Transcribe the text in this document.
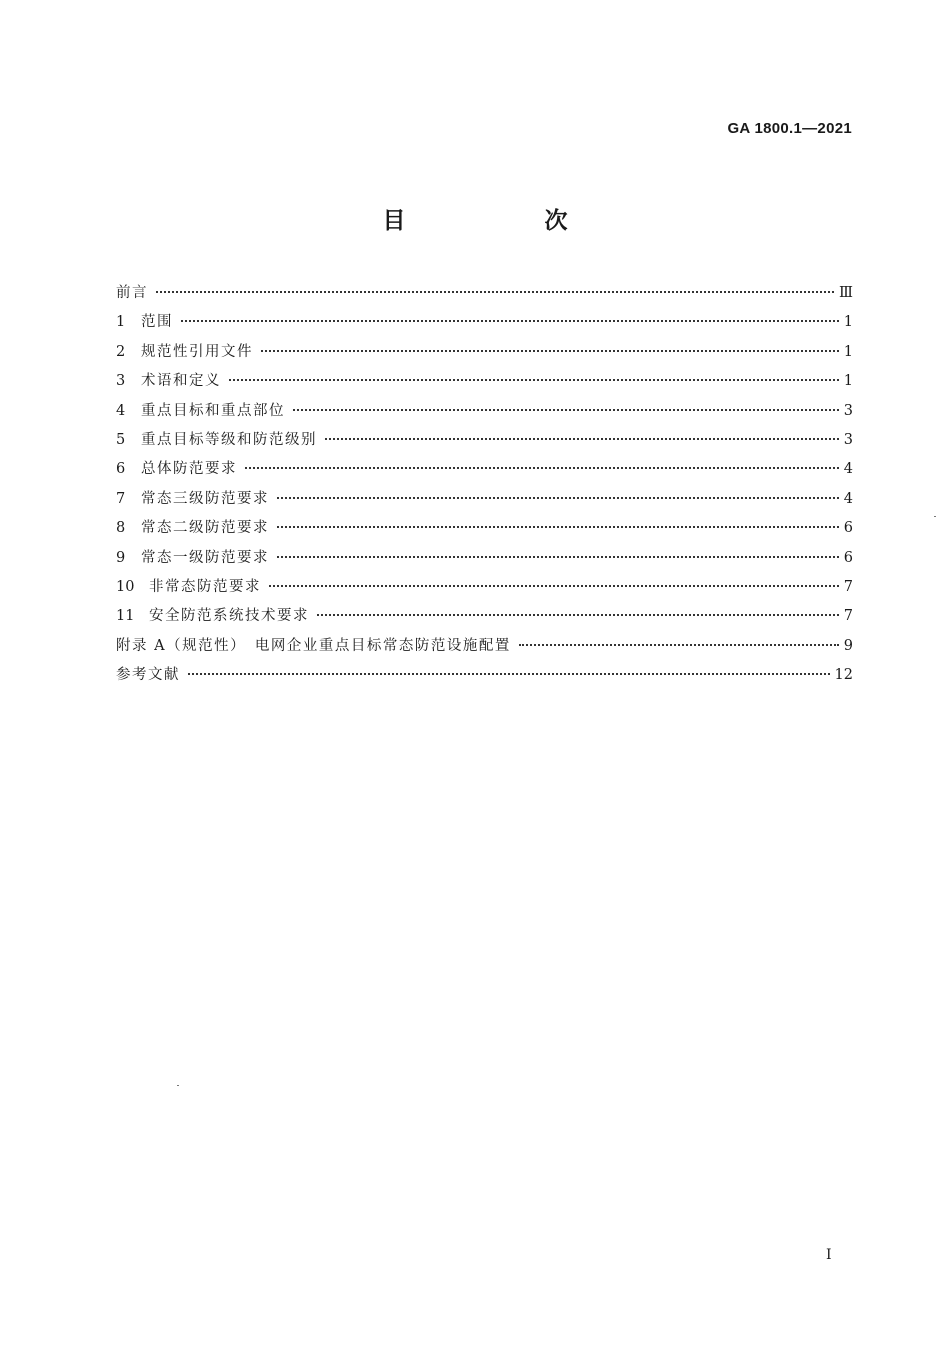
GA 1800.1—2021
目　次
前言	Ⅲ
1	范围	1
2	规范性引用文件	1
3	术语和定义	1
4	重点目标和重点部位	3
5	重点目标等级和防范级别	3
6	总体防范要求	4
7	常态三级防范要求	4
8	常态二级防范要求	6
9	常态一级防范要求	6
10	非常态防范要求	7
11	安全防范系统技术要求	7
附录 A（规范性）　电网企业重点目标常态防范设施配置	9
参考文献	12
I
